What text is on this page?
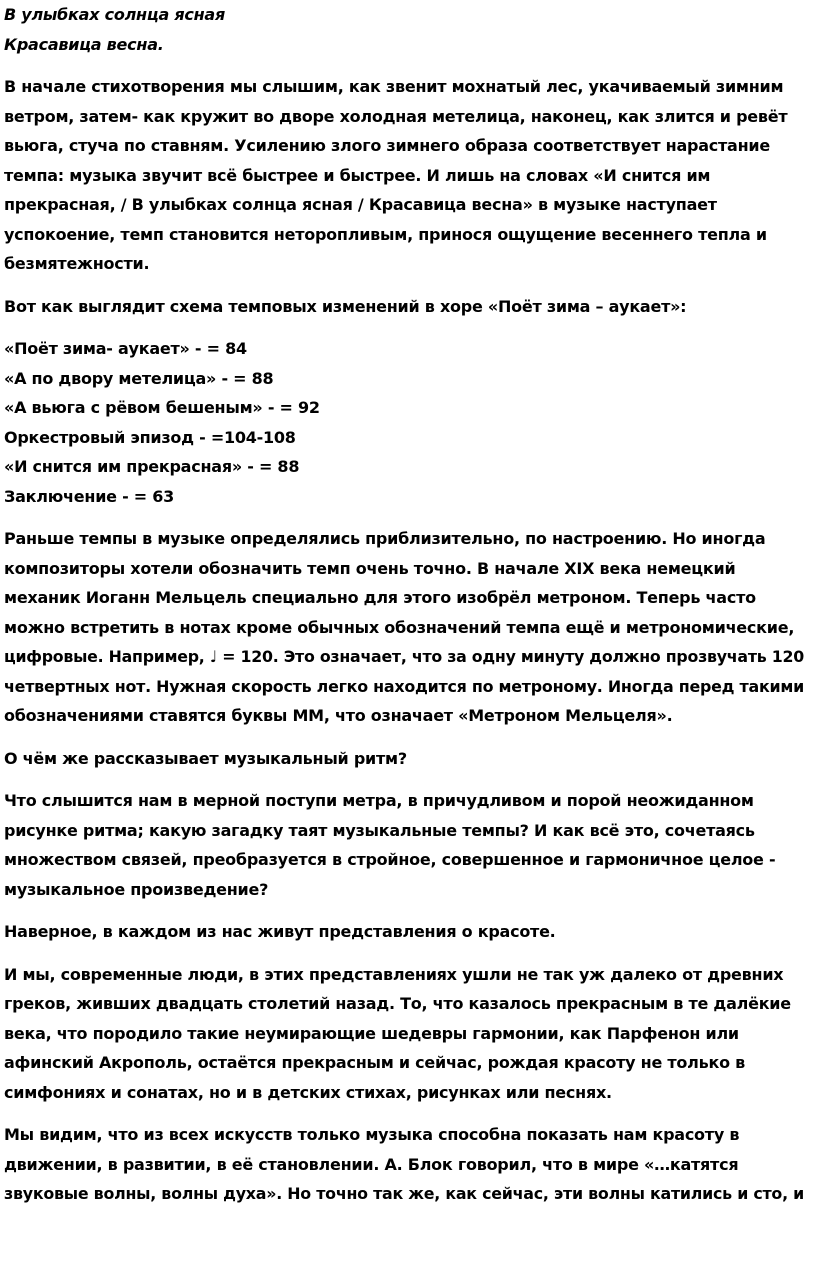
В улыбках солнца ясная
Красавица весна.
В начале стихотворения мы слышим, как звенит мохнатый лес, укачиваемый зимним
ветром, затем- как кружит во дворе холодная метелица, наконец, как злится и ревёт
вьюга, стуча по ставням. Усилению злого зимнего образа соответствует нарастание
темпа: музыка звучит всё быстрее и быстрее. И лишь на словах «И снится им
прекрасная, / В улыбках солнца ясная / Красавица весна» в музыке наступает
успокоение, темп становится неторопливым, принося ощущение весеннего тепла и
безмятежности.
Вот как выглядит схема темповых изменений в хоре «Поёт зима – аукает»:
«Поёт зима- аукает» - = 84
«А по двору метелица» - = 88
«А вьюга с рёвом бешеным» - = 92
Оркестровый эпизод - =104-108
«И снится им прекрасная» - = 88
Заключение - = 63
Раньше темпы в музыке определялись приблизительно, по настроению. Но иногда
композиторы хотели обозначить темп очень точно. В начале XIX века немецкий
механик Иоганн Мельцель специально для этого изобрёл метроном. Теперь часто
можно встретить в нотах кроме обычных обозначений темпа ещё и метрономические,
цифровые. Например, ♩ = 120. Это означает, что за одну минуту должно прозвучать 120
четвертных нот. Нужная скорость легко находится по метроному. Иногда перед такими
обозначениями ставятся буквы ММ, что означает «Метроном Мельцеля».
О чём же рассказывает музыкальный ритм?
Что слышится нам в мерной поступи метра, в причудливом и порой неожиданном
рисунке ритма; какую загадку таят музыкальные темпы? И как всё это, сочетаясь
множеством связей, преобразуется в стройное, совершенное и гармоничное целое -
музыкальное произведение?
Наверное, в каждом из нас живут представления о красоте.
И мы, современные люди, в этих представлениях ушли не так уж далеко от древних
греков, живших двадцать столетий назад. То, что казалось прекрасным в те далёкие
века, что породило такие неумирающие шедевры гармонии, как Парфенон или
афинский Акрополь, остаётся прекрасным и сейчас, рождая красоту не только в
симфониях и сонатах, но и в детских стихах, рисунках или песнях.
Мы видим, что из всех искусств только музыка способна показать нам красоту в
движении, в развитии, в её становлении. А. Блок говорил, что в мире «…катятся
звуковые волны, волны духа». Но точно так же, как сейчас, эти волны катились и сто, и
